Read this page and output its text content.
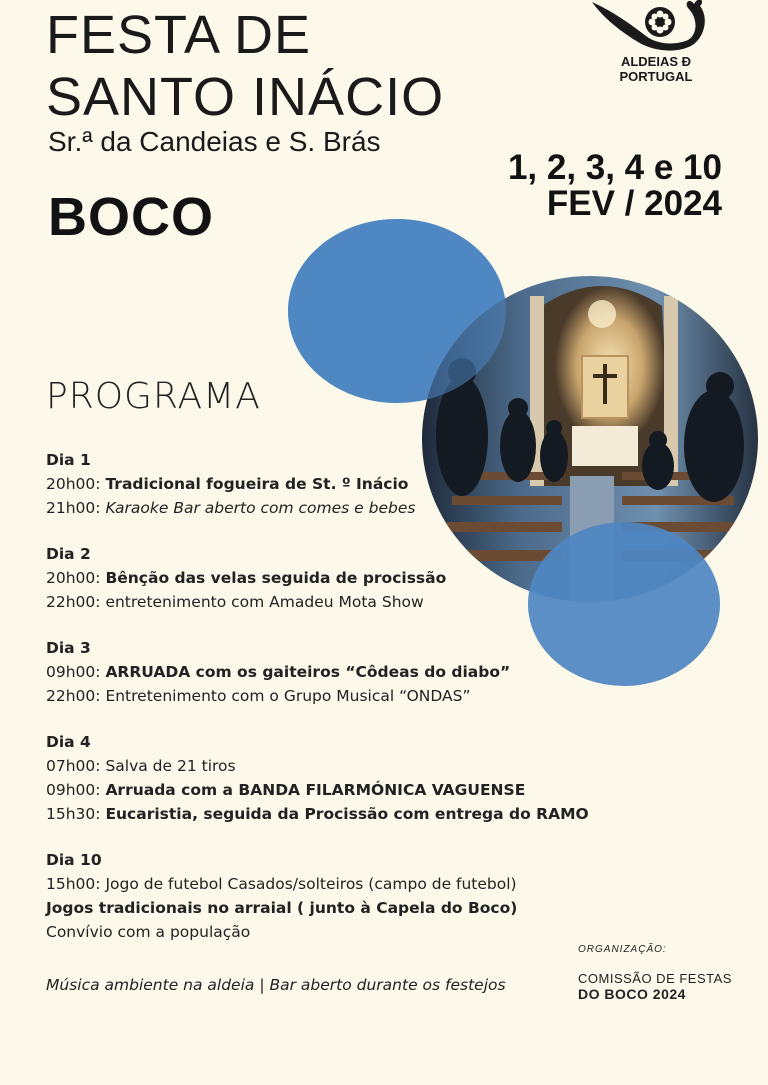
FESTA DE
SANTO INÁCIO
Sr.ª da Candeias e S. Brás
BOCO
1, 2, 3, 4 e 10
FEV / 2024
ALDEIAS Ð
PORTUGAL
PROGRAMA
Dia 1
20h00: Tradicional fogueira de St. º Inácio
21h00: Karaoke Bar aberto com comes e bebes
Dia 2
20h00: Bênção das velas seguida de procissão
22h00: entretenimento com Amadeu Mota Show
Dia 3
09h00: ARRUADA com os gaiteiros “Côdeas do diabo”
22h00: Entretenimento com o Grupo Musical “ONDAS”
Dia 4
07h00: Salva de 21 tiros
09h00: Arruada com a BANDA FILARMÓNICA VAGUENSE
15h30: Eucaristia, seguida da Procissão com entrega do RAMO
Dia 10
15h00: Jogo de futebol Casados/solteiros (campo de futebol)
Jogos tradicionais no arraial ( junto à Capela do Boco)
Convívio com a população
Música ambiente na aldeia | Bar aberto durante os festejos
ORGANIZAÇÃO:
COMISSÃO DE FESTAS
DO BOCO 2024
